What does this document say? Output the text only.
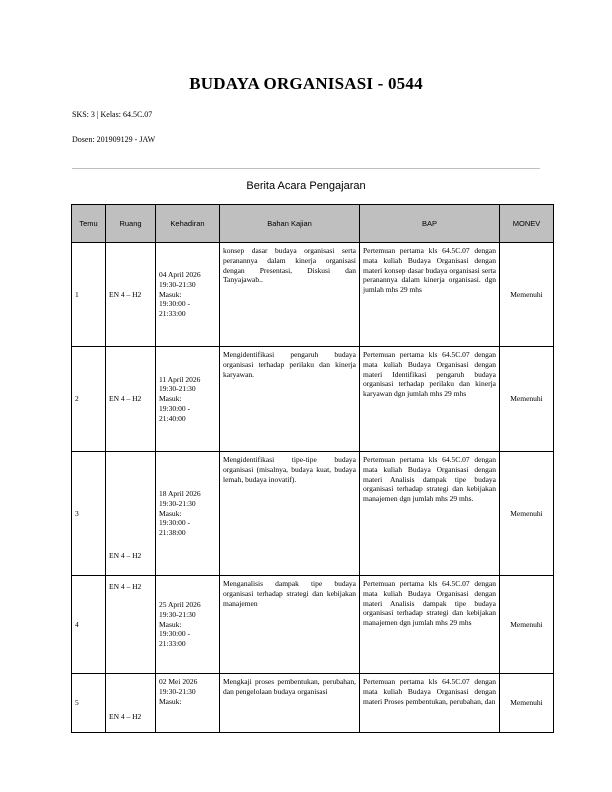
BUDAYA ORGANISASI - 0544
SKS: 3 | Kelas: 64.5C.07
Dosen: 201909129 - JAW
Berita Acara Pengajaran
Temu	Ruang	Kehadiran	Bahan Kajian	BAP	MONEV
1	EN 4 – H2	04 April 2026
19:30-21:30
Masuk:
19:30:00 -
21:33:00	konsep dasar budaya organisasi serta peranannya dalam kinerja organisasi dengan Presentasi, Diskusi dan Tanyajawab..	Pertemuan pertama kls 64.5C.07 dengan mata kuliah Budaya Organisasi dengan materi konsep dasar budaya organisasi serta peranannya dalam kinerja organisasi. dgn jumlah mhs 29 mhs	Memenuhi
2	EN 4 – H2	11 April 2026
19:30-21:30
Masuk:
19:30:00 -
21:40:00	Mengidentifikasi pengaruh budaya organisasi terhadap perilaku dan kinerja karyawan.	Pertemuan pertama kls 64.5C.07 dengan mata kuliah Budaya Organisasi dengan materi Identifikasi pengaruh budaya organisasi terhadap perilaku dan kinerja karyawan dgn jumlah mhs 29 mhs	Memenuhi
3	EN 4 – H2	18 April 2026
19:30-21:30
Masuk:
19:30:00 -
21:38:00	Mengidentifikasi tipe-tipe budaya organisasi (misalnya, budaya kuat, budaya lemah, budaya inovatif).	Pertemuan pertama kls 64.5C.07 dengan mata kuliah Budaya Organisasi dengan materi Analisis dampak tipe budaya organisasi terhadap strategi dan kebijakan manajemen dgn jumlah mhs 29 mhs.	Memenuhi
4	EN 4 – H2	25 April 2026
19:30-21:30
Masuk:
19:30:00 -
21:33:00	Menganalisis dampak tipe budaya organisasi terhadap strategi dan kebijakan manajemen	Pertemuan pertama kls 64.5C.07 dengan mata kuliah Budaya Organisasi dengan materi Analisis dampak tipe budaya organisasi terhadap strategi dan kebijakan manajemen dgn jumlah mhs 29 mhs	Memenuhi
5	EN 4 – H2	02 Mei 2026
19:30-21:30
Masuk:	Mengkaji proses pembentukan, perubahan, dan pengelolaan budaya organisasi	Pertemuan pertama kls 64.5C.07 dengan mata kuliah Budaya Organisasi dengan materi Proses pembentukan, perubahan, dan	Memenuhi
